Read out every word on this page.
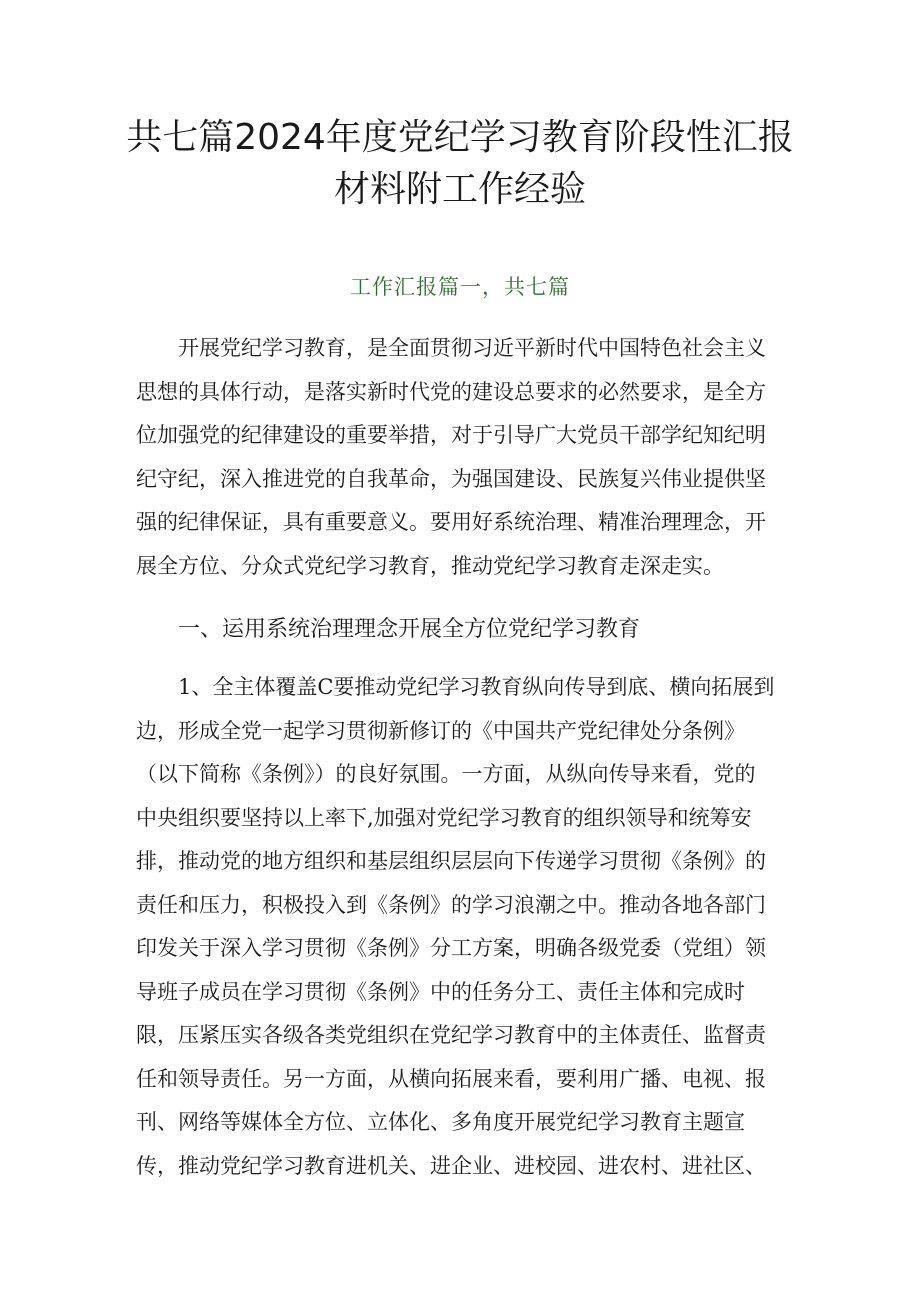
共七篇2024年度党纪学习教育阶段性汇报
材料附工作经验

工作汇报篇一，共七篇

　　开展党纪学习教育，是全面贯彻习近平新时代中国特色社会主义
思想的具体行动，是落实新时代党的建设总要求的必然要求，是全方
位加强党的纪律建设的重要举措，对于引导广大党员干部学纪知纪明
纪守纪，深入推进党的自我革命，为强国建设、民族复兴伟业提供坚
强的纪律保证，具有重要意义。要用好系统治理、精准治理理念，开
展全方位、分众式党纪学习教育，推动党纪学习教育走深走实。
一、运用系统治理理念开展全方位党纪学习教育
　　1、全主体覆盖C要推动党纪学习教育纵向传导到底、横向拓展到
边，形成全党一起学习贯彻新修订的《中国共产党纪律处分条例》
（以下简称《条例》）的良好氛围。一方面，从纵向传导来看，党的
中央组织要坚持以上率下,加强对党纪学习教育的组织领导和统筹安
排，推动党的地方组织和基层组织层层向下传递学习贯彻《条例》的
责任和压力，积极投入到《条例》的学习浪潮之中。推动各地各部门
印发关于深入学习贯彻《条例》分工方案，明确各级党委（党组）领
导班子成员在学习贯彻《条例》中的任务分工、责任主体和完成时
限，压紧压实各级各类党组织在党纪学习教育中的主体责任、监督责
任和领导责任。另一方面，从横向拓展来看，要利用广播、电视、报
刊、网络等媒体全方位、立体化、多角度开展党纪学习教育主题宣
传，推动党纪学习教育进机关、进企业、进校园、进农村、进社区、
